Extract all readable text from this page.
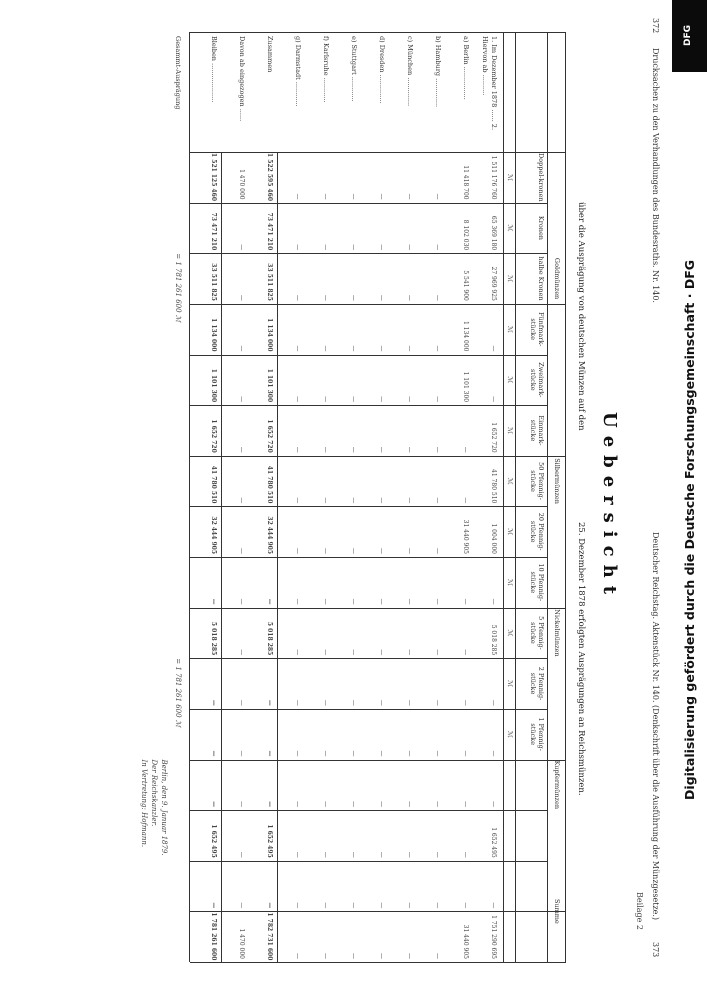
DFG
Digitalisierung gefördert durch die Deutsche Forschungsgemeinschaft · DFG
372
Drucksachen zu den Verhandlungen des Bundesraths. Nr. 140.
Deutscher Reichstag. Aktenstück Nr. 140. (Denkschrift über die Ausführung der Münzgesetze.)
373
Beilage 2
Uebersicht
über die Ausprägung von deutschen Münzen auf den
25. Dezember 1878 erfolgten Ausprägungen an Reichsmünzen.
Goldmünzen
Silbermünzen
Nickelmünzen
Kupfermünzen
Summe
Doppel-kronen
Kronen
halbe Kronen
Fünfmark-stücke
Zweimark-stücke
Einmark-stücke
50 Pfennig-stücke
20 Pfennig-stücke
10 Pfennig-stücke
5 Pfennig-stücke
2 Pfennig-stücke
1 Pfennig-stücke
ℳ
ℳ
ℳ
ℳ
ℳ
ℳ
ℳ
ℳ
ℳ
ℳ
ℳ
ℳ
1. Im Dezember 1878 ...... 2. Hiervon ab ..........
1 511 176 760
65 369 180
27 969 925
—
—
1 652 720
41 780 510
1 004 000
—
5 018 285
—
—
—
1 652 495
—
1 751 290 695
a) Berlin ................
11 418 700
8 102 030
5 541 900
1 134 000
1 101 300
—
—
31 440 905
—
—
—
—
—
—
—
31 440 905
b) Hamburg ..............
—
—
—
—
—
—
—
—
—
—
—
—
—
—
—
—
c) München ..............
—
—
—
—
—
—
—
—
—
—
—
—
—
—
—
—
d) Dresden ..............
—
—
—
—
—
—
—
—
—
—
—
—
—
—
—
—
e) Stuttgart ............
—
—
—
—
—
—
—
—
—
—
—
—
—
—
—
—
f) Karlsruhe ............
—
—
—
—
—
—
—
—
—
—
—
—
—
—
—
—
g) Darmstadt ............
—
—
—
—
—
—
—
—
—
—
—
—
—
—
—
—
Zusammen
1 522 595 460
73 471 210
33 511 825
1 134 000
1 101 300
1 652 720
41 780 510
32 444 905
—
5 018 285
—
—
—
1 652 495
—
1 782 731 600
Davon ab eingezogen ......
1 470 000
—
—
—
—
—
—
—
—
—
—
—
—
—
—
1 470 000
Bleiben ...................
1 521 125 460
73 471 210
33 511 825
1 134 000
1 101 300
1 652 720
41 780 510
32 444 905
—
5 018 285
—
—
—
1 652 495
—
1 781 261 600
Gesammt-Ausprägung
= 1 781 261 600 ℳ
= 1 781 261 600 ℳ
Berlin, den 9. Januar 1879.
Der Reichskanzler.
In Vertretung: Hofmann.
